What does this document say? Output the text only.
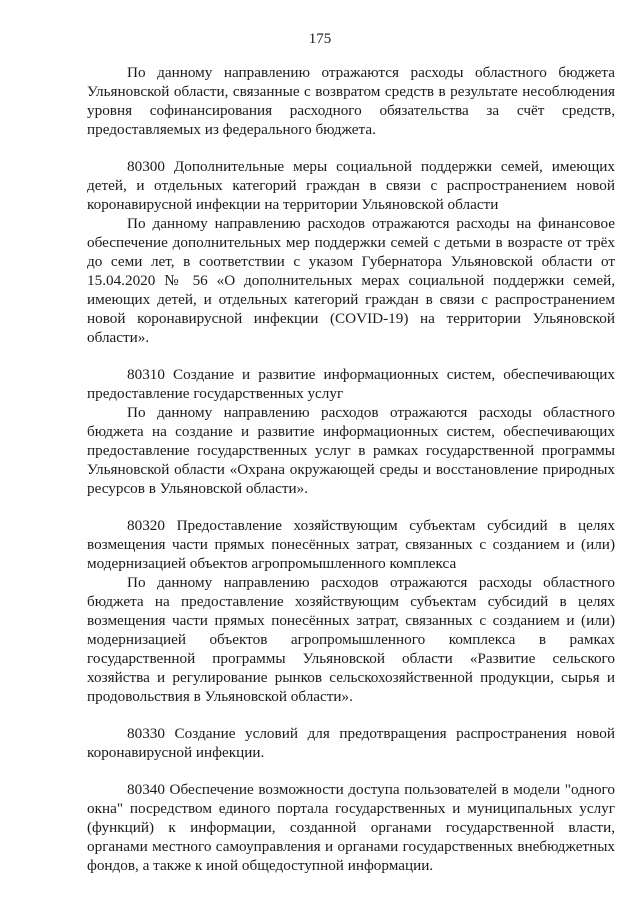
175

По данному направлению отражаются расходы областного бюджета Ульяновской области, связанные с возвратом средств в результате несоблюдения уровня софинансирования расходного обязательства за счёт средств, предоставляемых из федерального бюджета.

80300 Дополнительные меры социальной поддержки семей, имеющих детей, и отдельных категорий граждан в связи с распространением новой коронавирусной инфекции на территории Ульяновской области

По данному направлению расходов отражаются расходы на финансовое обеспечение дополнительных мер поддержки семей с детьми в возрасте от трёх до семи лет, в соответствии с указом Губернатора Ульяновской области от 15.04.2020 № 56 «О дополнительных мерах социальной поддержки семей, имеющих детей, и отдельных категорий граждан в связи с распространением новой коронавирусной инфекции (COVID-19) на территории Ульяновской области».

80310 Создание и развитие информационных систем, обеспечивающих предоставление государственных услуг

По данному направлению расходов отражаются расходы областного бюджета на создание и развитие информационных систем, обеспечивающих предоставление государственных услуг в рамках государственной программы Ульяновской области «Охрана окружающей среды и восстановление природных ресурсов в Ульяновской области».

80320 Предоставление хозяйствующим субъектам субсидий в целях возмещения части прямых понесённых затрат, связанных с созданием и (или) модернизацией объектов агропромышленного комплекса

По данному направлению расходов отражаются расходы областного бюджета на предоставление хозяйствующим субъектам субсидий в целях возмещения части прямых понесённых затрат, связанных с созданием и (или) модернизацией объектов агропромышленного комплекса в рамках государственной программы Ульяновской области «Развитие сельского хозяйства и регулирование рынков сельскохозяйственной продукции, сырья и продовольствия в Ульяновской области».

80330 Создание условий для предотвращения распространения новой коронавирусной инфекции.

80340 Обеспечение возможности доступа пользователей в модели "одного окна" посредством единого портала государственных и муниципальных услуг (функций) к информации, созданной органами государственной власти, органами местного самоуправления и органами государственных внебюджетных фондов, а также к иной общедоступной информации.
